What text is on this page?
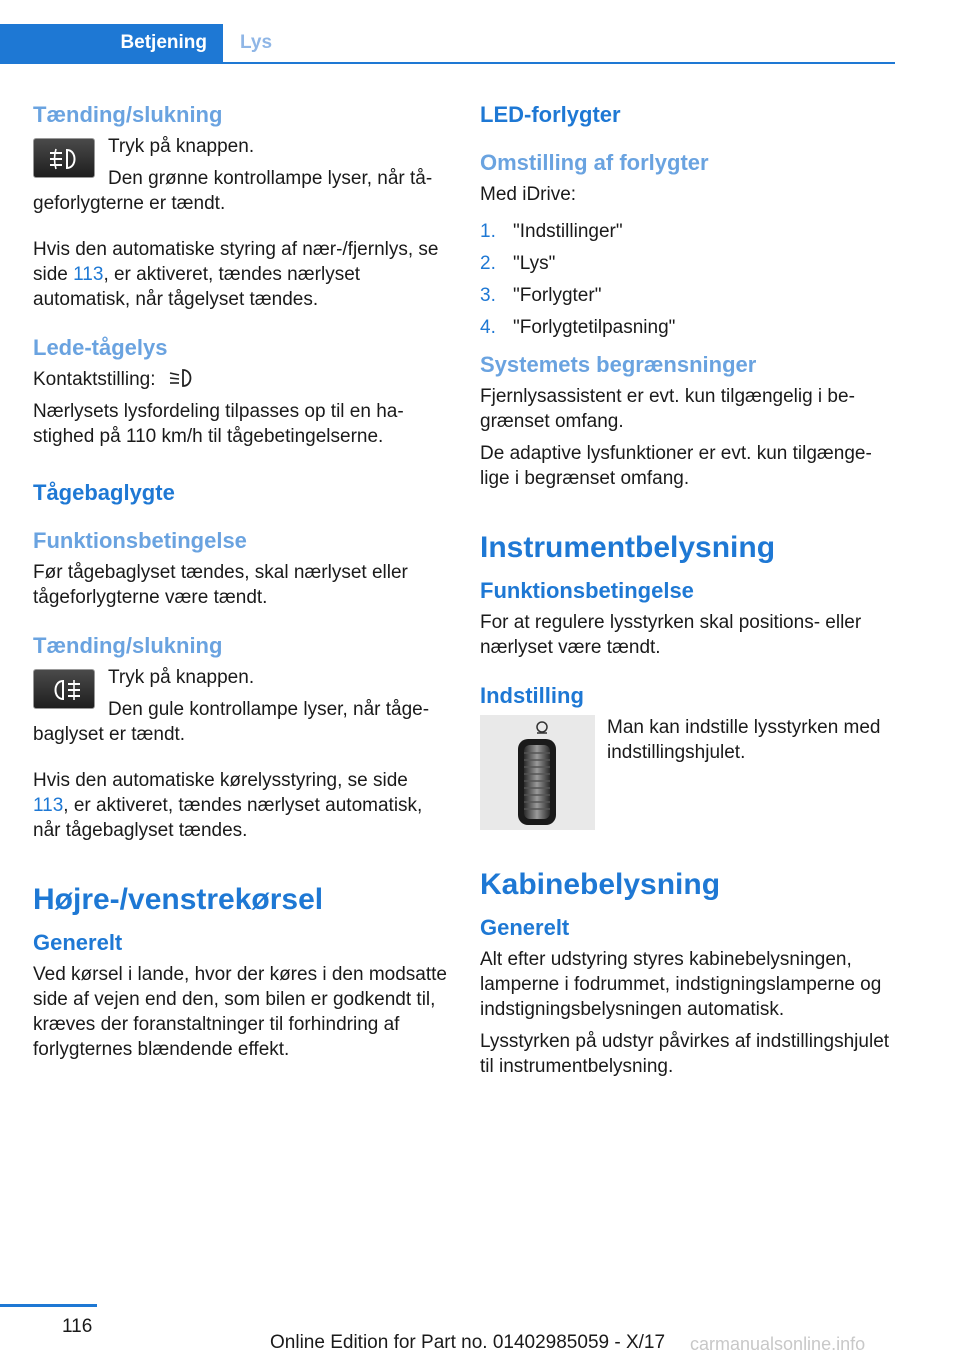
Betjening	Lys
Tænding/slukning

Tryk på knappen.

Den grønne kontrollampe lyser, når tågeforlygterne er tændt.

Hvis den automatiske styring af nær-/fjernlys, se side 113, er aktiveret, tændes nærlyset automatisk, når tågelyset tændes.

Lede-tågelys

Kontaktstilling:

Nærlysets lysfordeling tilpasses op til en hastighed på 110 km/h til tågebetingelserne.

Tågebaglygte
Funktionsbetingelse

Før tågebaglyset tændes, skal nærlyset eller tågeforlygterne være tændt.

Tænding/slukning

Tryk på knappen.

Den gule kontrollampe lyser, når tågebaglyset er tændt.

Hvis den automatiske kørelysstyring, se side 113, er aktiveret, tændes nærlyset automatisk, når tågebaglyset tændes.

Højre-/venstrekørsel
Generelt

Ved kørsel i lande, hvor der køres i den modsatte side af vejen end den, som bilen er godkendt til, kræves der foranstaltninger til forhindring af forlygternes blændende effekt.

LED-forlygter
Omstilling af forlygter

Med iDrive:

1. "Indstillinger"
2. "Lys"
3. "Forlygter"
4. "Forlygtetilpasning"
Systemets begrænsninger

Fjernlysassistent er evt. kun tilgængelig i begrænset omfang.

De adaptive lysfunktioner er evt. kun tilgængelige i begrænset omfang.

Instrumentbelysning
Funktionsbetingelse

For at regulere lysstyrken skal positions- eller nærlyset være tændt.

Indstilling

Man kan indstille lysstyrken med indstillingshjulet.

Kabinebelysning
Generelt

Alt efter udstyring styres kabinebelysningen, lamperne i fodrummet, indstigningslamperne og indstigningsbelysningen automatisk.

Lysstyrken på udstyr påvirkes af indstillingshjulet til instrumentbelysning.

116
Online Edition for Part no. 01402985059 - X/17 carmanualsonline.info
